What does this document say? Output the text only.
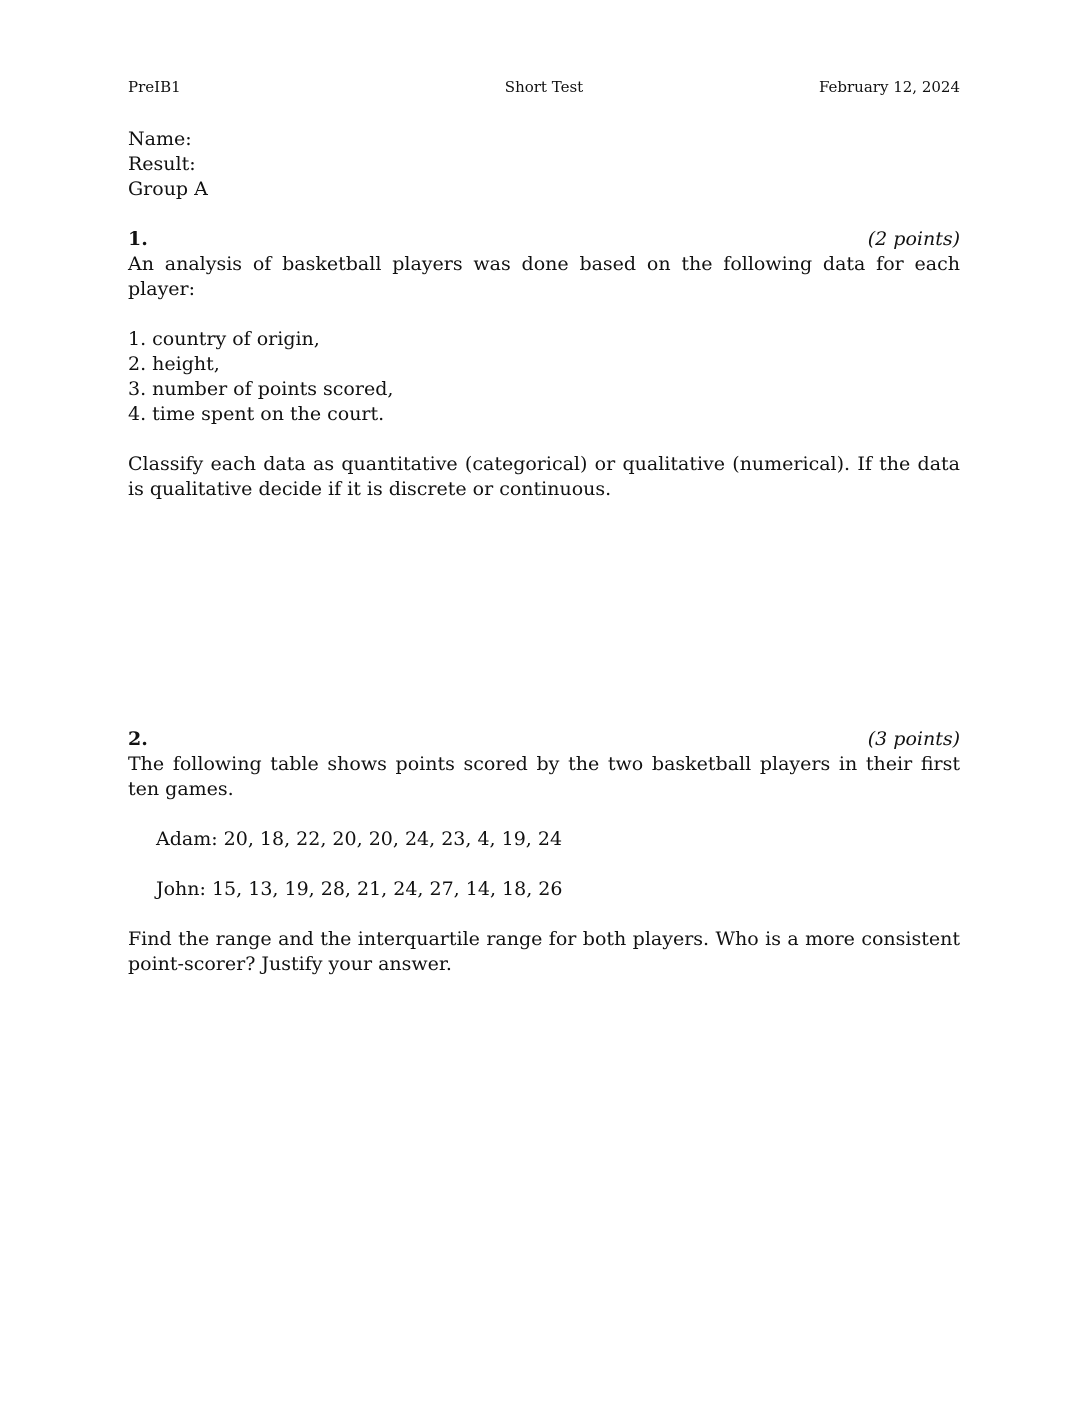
PreIB1	Short Test	February 12, 2024
Name:
Result:
Group A
1.	(2 points)
An analysis of basketball players was done based on the following data for each player:
1. country of origin,
2. height,
3. number of points scored,
4. time spent on the court.
Classify each data as quantitative (categorical) or qualitative (numerical). If the data is qualitative decide if it is discrete or continuous.
2.	(3 points)
The following table shows points scored by the two basketball players in their first ten games.
Adam: 20, 18, 22, 20, 20, 24, 23, 4, 19, 24
John: 15, 13, 19, 28, 21, 24, 27, 14, 18, 26
Find the range and the interquartile range for both players. Who is a more consistent point-scorer? Justify your answer.
